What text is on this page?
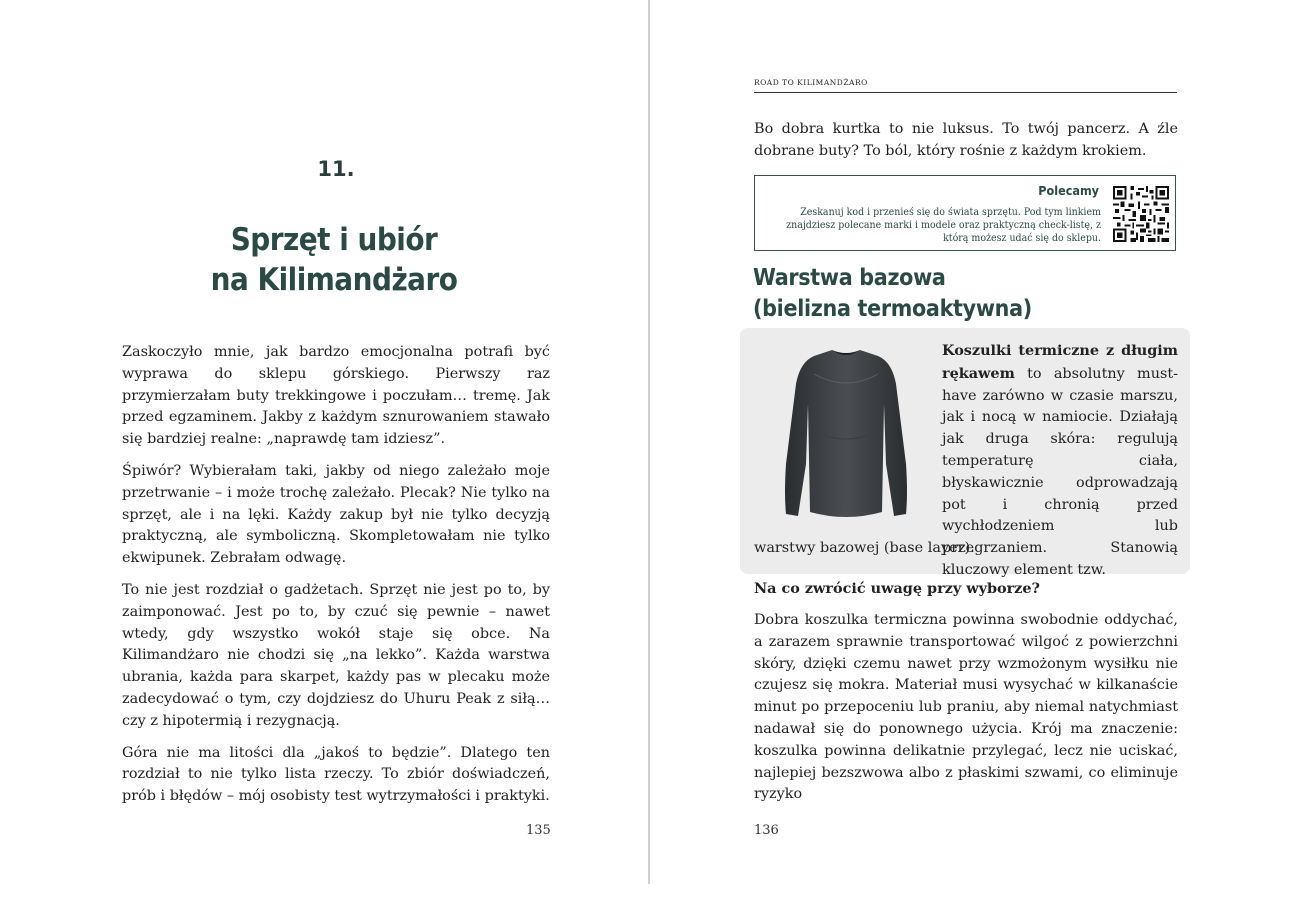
11.
Sprzęt i ubiór
na Kilimandżaro

Zaskoczyło mnie, jak bardzo emocjonalna potrafi być wyprawa do sklepu górskiego. Pierwszy raz przymierzałam buty trekkingowe i poczułam… tremę. Jak przed egzaminem. Jakby z każdym sznurowaniem stawało się bardziej realne: „naprawdę tam idziesz”.

Śpiwór? Wybierałam taki, jakby od niego zależało moje przetrwanie – i może trochę zależało. Plecak? Nie tylko na sprzęt, ale i na lęki. Każdy zakup był nie tylko decyzją praktyczną, ale symboliczną. Skompletowałam nie tylko ekwipunek. Zebrałam odwagę.

To nie jest rozdział o gadżetach. Sprzęt nie jest po to, by zaimponować. Jest po to, by czuć się pewnie – nawet wtedy, gdy wszystko wokół staje się obce. Na Kilimandżaro nie chodzi się „na lekko”. Każda warstwa ubrania, każda para skarpet, każdy pas w plecaku może zadecydować o tym, czy dojdziesz do Uhuru Peak z siłą… czy z hipotermią i rezygnacją.

Góra nie ma litości dla „jakoś to będzie”. Dlatego ten rozdział to nie tylko lista rzeczy. To zbiór doświadczeń, prób i błędów – mój osobisty test wytrzymałości i praktyki.

135
ROAD TO KILIMANDŻARO

Bo dobra kurtka to nie luksus. To twój pancerz. A źle dobrane buty? To ból, który rośnie z każdym krokiem.

Polecamy
Zeskanuj kod i przenieś się do świata sprzętu. Pod tym linkiem znajdziesz polecane marki i modele oraz praktyczną check-listę, z którą możesz udać się do sklepu.
Warstwa bazowa
(bielizna termoaktywna)
Koszulki termiczne z długim rękawem to absolutny must-have zarówno w czasie marszu, jak i nocą w namiocie. Działają jak druga skóra: regulują temperaturę ciała, błyskawicznie odprowadzają pot i chronią przed wychłodzeniem lub przegrzaniem. Stanowią kluczowy element tzw.
warstwy bazowej (base layer).
Na co zwrócić uwagę przy wyborze?

Dobra koszulka termiczna powinna swobodnie oddychać, a zarazem sprawnie transportować wilgoć z powierzchni skóry, dzięki czemu nawet przy wzmożonym wysiłku nie czujesz się mokra. Materiał musi wysychać w kilkanaście minut po przepoceniu lub praniu, aby niemal natychmiast nadawał się do ponownego użycia. Krój ma znaczenie: koszulka powinna delikatnie przylegać, lecz nie uciskać, najlepiej bezszwowa albo z płaskimi szwami, co eliminuje ryzyko

136
